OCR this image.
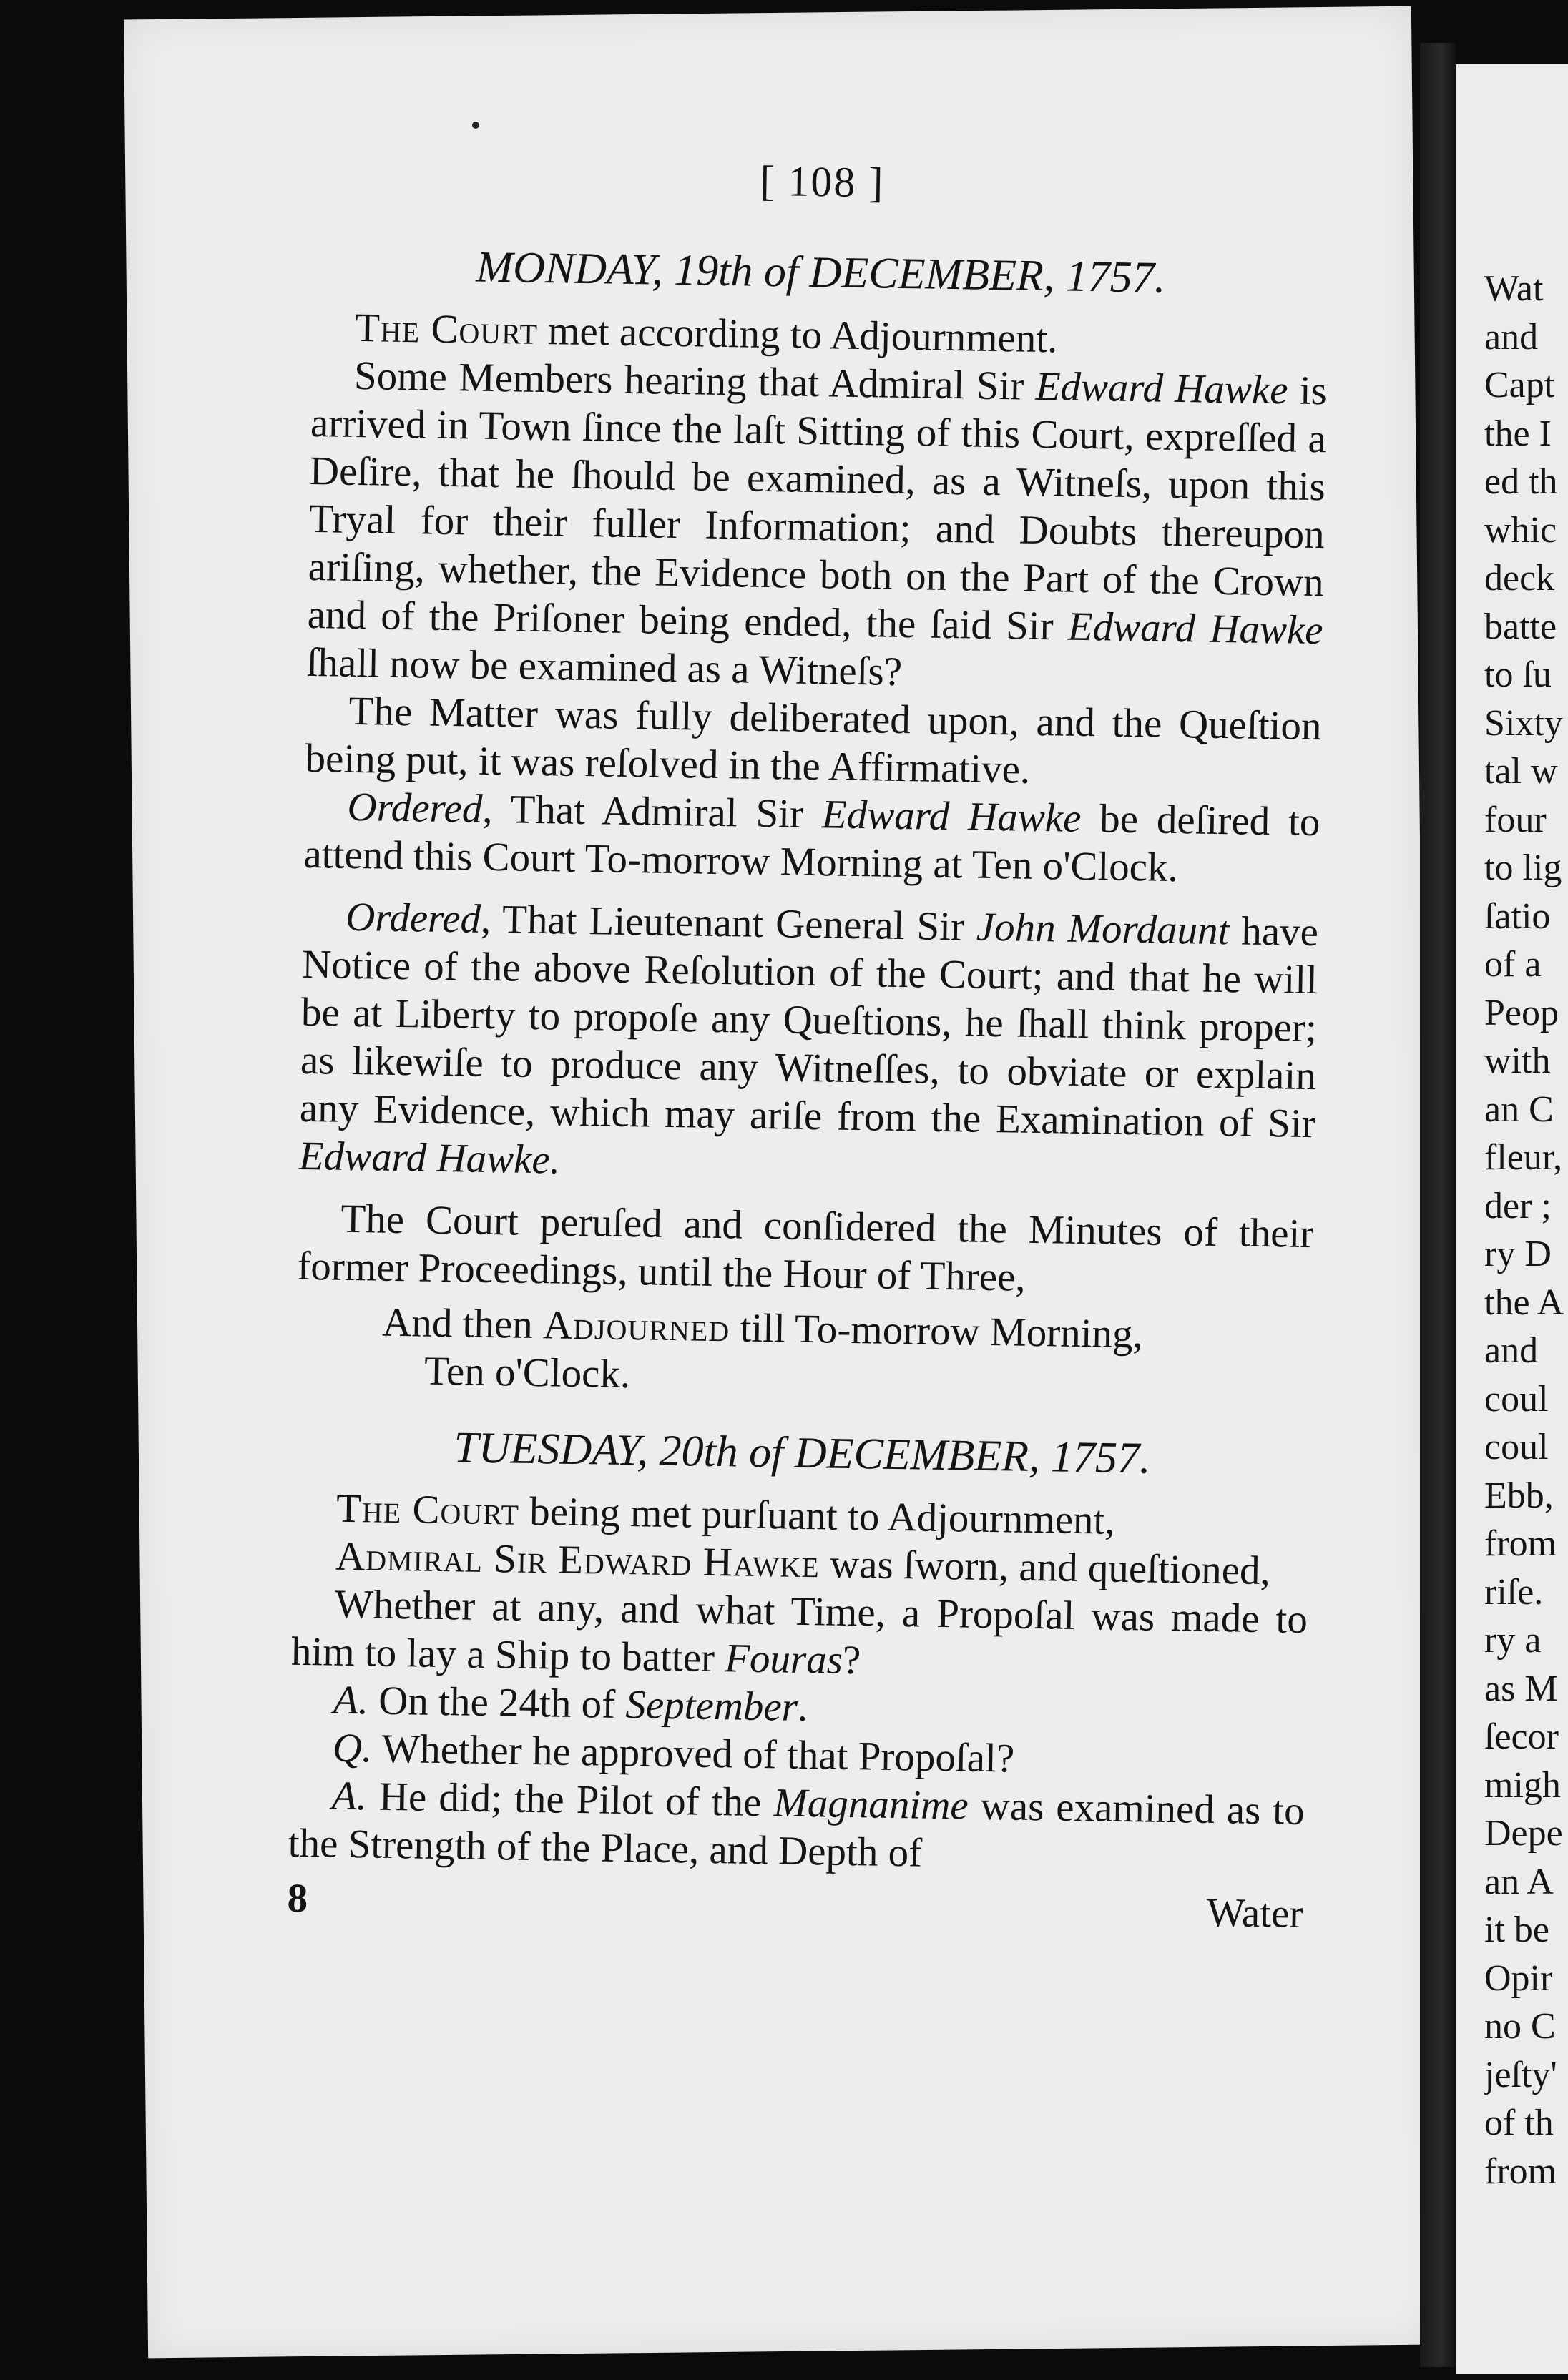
[ 108 ]
MONDAY, 19th of DECEMBER, 1757.

The Court met according to Adjournment.

Some Members hearing that Admiral Sir Edward Hawke is arrived in Town ſince the laſt Sitting of this Court, expreſſed a Deſire, that he ſhould be examined, as a Witneſs, upon this Tryal for their fuller Information; and Doubts thereupon ariſing, whether, the Evidence both on the Part of the Crown and of the Priſoner being ended, the ſaid Sir Edward Hawke ſhall now be examined as a Witneſs?

The Matter was fully deliberated upon, and the Queſtion being put, it was reſolved in the Affirmative.

Ordered, That Admiral Sir Edward Hawke be deſired to attend this Court To-morrow Morning at Ten o'Clock.

Ordered, That Lieutenant General Sir John Mordaunt have Notice of the above Reſolution of the Court; and that he will be at Liberty to propoſe any Queſtions, he ſhall think proper; as likewiſe to produce any Witneſſes, to obviate or explain any Evidence, which may ariſe from the Examination of Sir Edward Hawke.

The Court peruſed and conſidered the Minutes of their former Proceedings, until the Hour of Three,

And then Adjourned till To-morrow Morning,
Ten o'Clock.
TUESDAY, 20th of DECEMBER, 1757.

The Court being met purſuant to Adjournment,

Admiral Sir Edward Hawke was ſworn, and queſtioned,

Whether at any, and what Time, a Propoſal was made to him to lay a Ship to batter Fouras?

A. On the 24th of September.

Q. Whether he approved of that Propoſal?

A. He did; the Pilot of the Magnanime was examined as to the Strength of the Place, and Depth of

8	Water
Wat
and
Capt
the I
ed th
whic
deck
batte
to ſu
Sixty
tal w
four
to lig
ſatio
of a
Peop
with
an C
fleur,
der ;
ry D
the A
and
coul
coul
Ebb,
from
riſe.
ry a
as M
ſecor
migh
Depe
an A
it be
Opir
no C
jeſty'
of th
from
